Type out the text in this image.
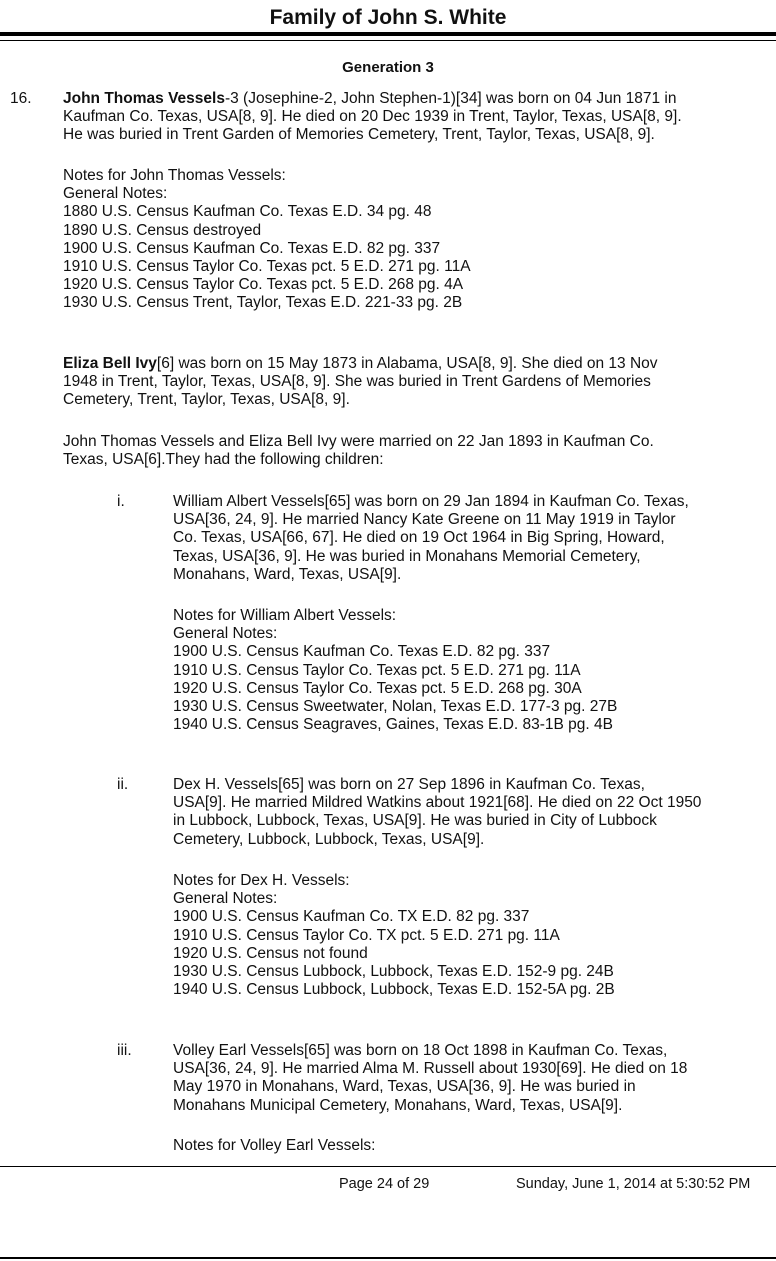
Family of John S. White
Generation 3
16. John Thomas Vessels-3 (Josephine-2, John Stephen-1)[34] was born on 04 Jun 1871 in
Kaufman Co. Texas, USA[8, 9]. He died on 20 Dec 1939 in Trent, Taylor, Texas, USA[8, 9].
He was buried in Trent Garden of Memories Cemetery, Trent, Taylor, Texas, USA[8, 9].
Notes for John Thomas Vessels:
General Notes:
1880 U.S. Census Kaufman Co. Texas E.D. 34 pg. 48
1890 U.S. Census destroyed
1900 U.S. Census Kaufman Co. Texas E.D. 82 pg. 337
1910 U.S. Census Taylor Co. Texas pct. 5 E.D. 271 pg. 11A
1920 U.S. Census Taylor Co. Texas pct. 5 E.D. 268 pg. 4A
1930 U.S. Census Trent, Taylor, Texas E.D. 221-33 pg. 2B
Eliza Bell Ivy[6] was born on 15 May 1873 in Alabama, USA[8, 9]. She died on 13 Nov
1948 in Trent, Taylor, Texas, USA[8, 9]. She was buried in Trent Gardens of Memories
Cemetery, Trent, Taylor, Texas, USA[8, 9].
John Thomas Vessels and Eliza Bell Ivy were married on 22 Jan 1893 in Kaufman Co.
Texas, USA[6].They had the following children:
i.	William Albert Vessels[65] was born on 29 Jan 1894 in Kaufman Co. Texas,
USA[36, 24, 9]. He married Nancy Kate Greene on 11 May 1919 in Taylor
Co. Texas, USA[66, 67]. He died on 19 Oct 1964 in Big Spring, Howard,
Texas, USA[36, 9]. He was buried in Monahans Memorial Cemetery,
Monahans, Ward, Texas, USA[9].
Notes for William Albert Vessels:
General Notes:
1900 U.S. Census Kaufman Co. Texas E.D. 82 pg. 337
1910 U.S. Census Taylor Co. Texas pct. 5 E.D. 271 pg. 11A
1920 U.S. Census Taylor Co. Texas pct. 5 E.D. 268 pg. 30A
1930 U.S. Census Sweetwater, Nolan, Texas E.D. 177-3 pg. 27B
1940 U.S. Census Seagraves, Gaines, Texas E.D. 83-1B pg. 4B
ii.	Dex H. Vessels[65] was born on 27 Sep 1896 in Kaufman Co. Texas,
USA[9]. He married Mildred Watkins about 1921[68]. He died on 22 Oct 1950
in Lubbock, Lubbock, Texas, USA[9]. He was buried in City of Lubbock
Cemetery, Lubbock, Lubbock, Texas, USA[9].
Notes for Dex H. Vessels:
General Notes:
1900 U.S. Census Kaufman Co. TX E.D. 82 pg. 337
1910 U.S. Census Taylor Co. TX pct. 5 E.D. 271 pg. 11A
1920 U.S. Census not found
1930 U.S. Census Lubbock, Lubbock, Texas E.D. 152-9 pg. 24B
1940 U.S. Census Lubbock, Lubbock, Texas E.D. 152-5A pg. 2B
iii.	Volley Earl Vessels[65] was born on 18 Oct 1898 in Kaufman Co. Texas,
USA[36, 24, 9]. He married Alma M. Russell about 1930[69]. He died on 18
May 1970 in Monahans, Ward, Texas, USA[36, 9]. He was buried in
Monahans Municipal Cemetery, Monahans, Ward, Texas, USA[9].
Notes for Volley Earl Vessels:
Page 24 of 29	Sunday, June 1, 2014 at 5:30:52 PM
